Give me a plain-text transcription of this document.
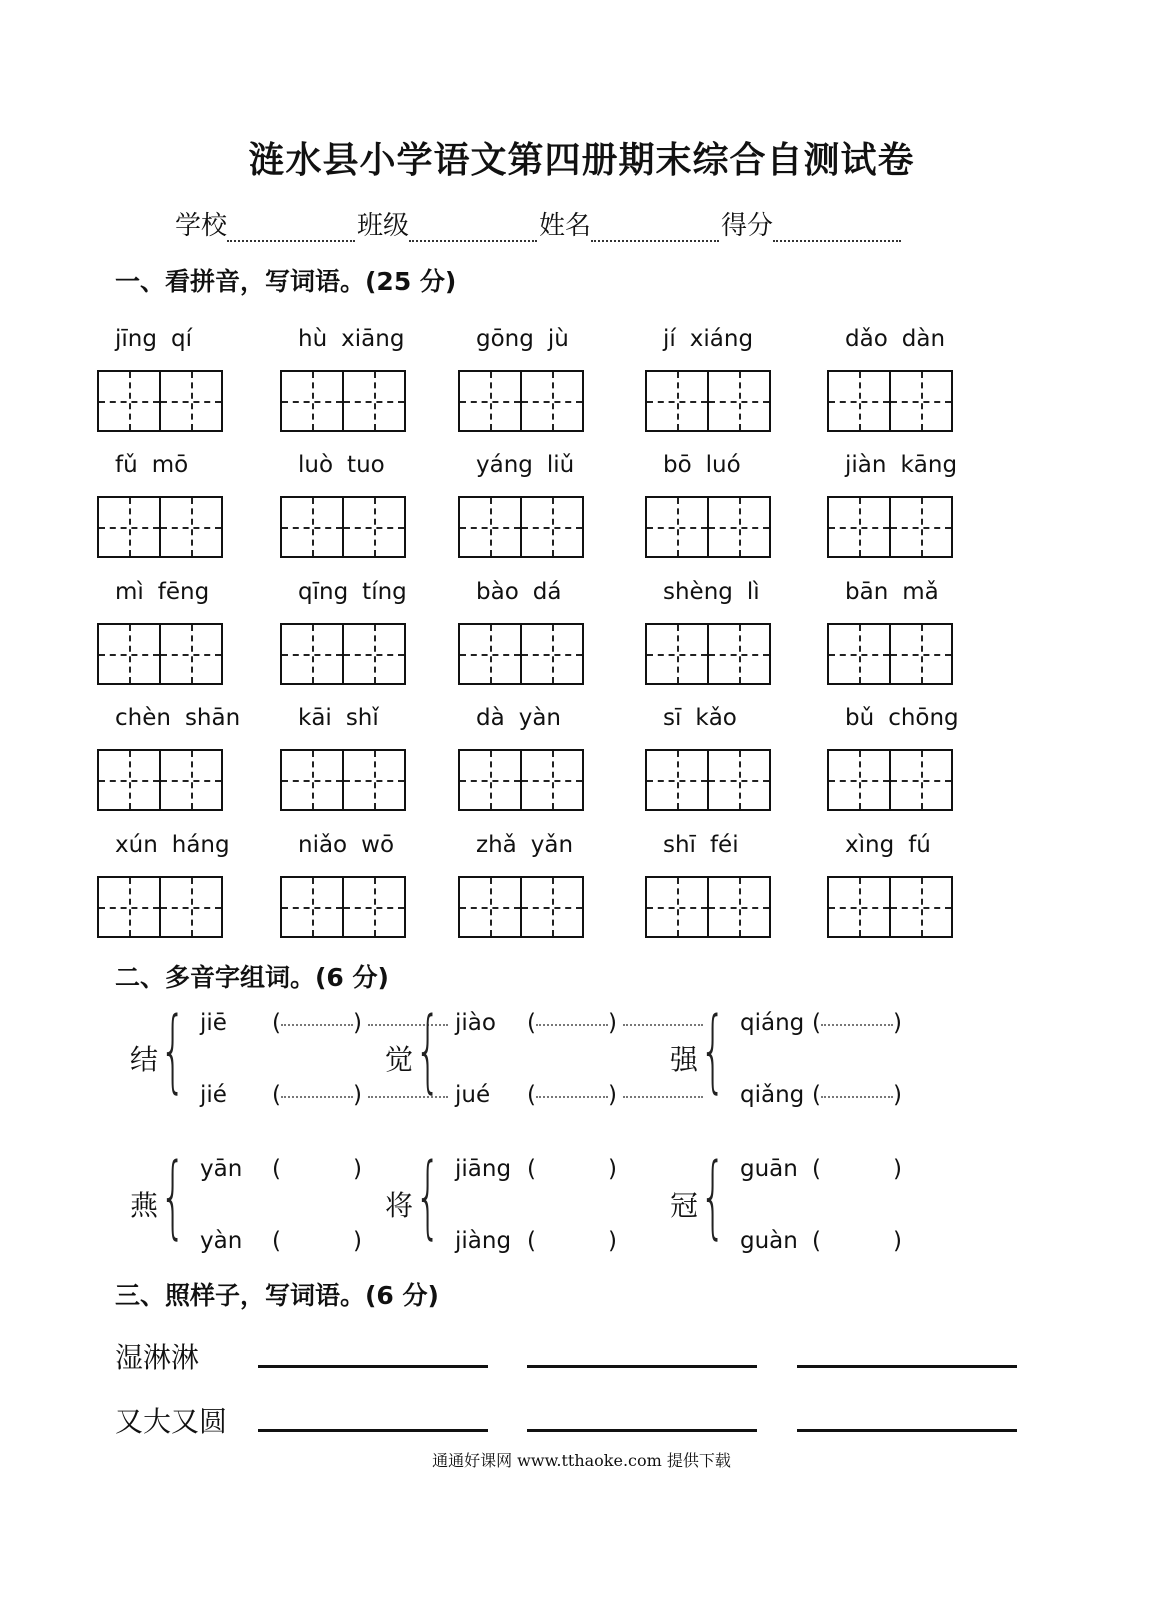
涟水县小学语文第四册期末综合自测试卷
学校	班级	姓名	得分
一、看拼音，写词语。(25 分)
jīng qí	hù xiāng	gōng jù	jí xiáng	dǎo dàn
fǔ mō	luò tuo	yáng liǔ	bō luó	jiàn kāng
mì fēng	qīng tíng	bào dá	shèng lì	bān mǎ
chèn shān	kāi shǐ	dà yàn	sī kǎo	bǔ chōng
xún háng	niǎo wō	zhǎ yǎn	shī féi	xìng fú
二、多音字组词。(6 分)
结 { jiē (	)
jié (	)
觉 { jiào (	)
jué (	)
强 { qiáng (	)
qiǎng (	)
燕 { yān (	)
yàn (	)
将 { jiāng (	)
jiàng (	)
冠 { guān (	)
guàn (	)
三、照样子，写词语。(6 分)
湿淋淋
又大又圆
通通好课网 www.tthaoke.com 提供下载
